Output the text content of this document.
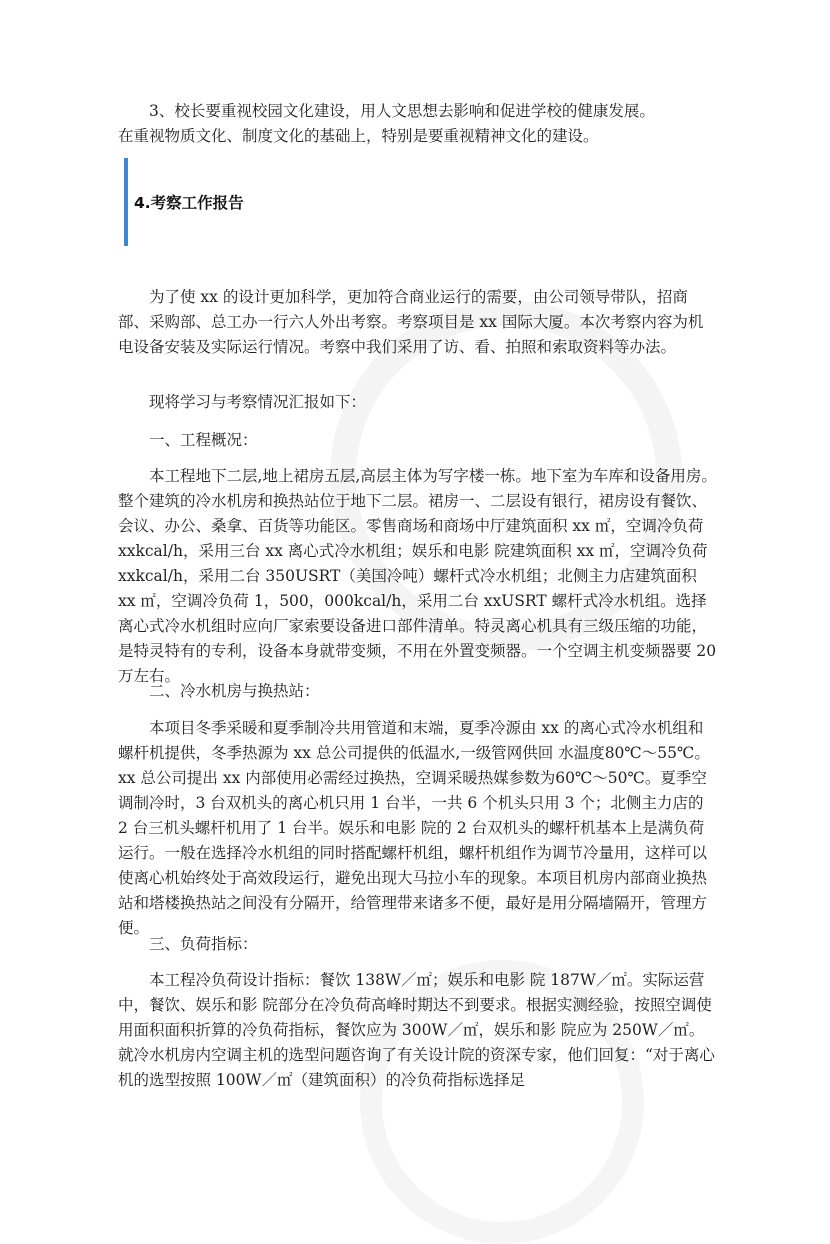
3、校长要重视校园文化建设，用人文思想去影响和促进学校的健康发展。

在重视物质文化、制度文化的基础上，特别是要重视精神文化的建设。

4.考察工作报告

为了使 xx 的设计更加科学，更加符合商业运行的需要，由公司领导带队，招商部、采购部、总工办一行六人外出考察。考察项目是 xx 国际大厦。本次考察内容为机电设备安装及实际运行情况。考察中我们采用了访、看、拍照和索取资料等办法。

现将学习与考察情况汇报如下：

一、工程概况：

本工程地下二层,地上裙房五层,高层主体为写字楼一栋。地下室为车库和设备用房。整个建筑的冷水机房和换热站位于地下二层。裙房一、二层设有银行，裙房设有餐饮、会议、办公、桑拿、百货等功能区。零售商场和商场中厅建筑面积 xx ㎡，空调冷负荷 xxkcal/h，采用三台 xx 离心式冷水机组；娱乐和电影 院建筑面积 xx ㎡，空调冷负荷 xxkcal/h，采用二台 350USRT（美国冷吨）螺杆式冷水机组；北侧主力店建筑面积 xx ㎡，空调冷负荷 1，500，000kcal/h，采用二台 xxUSRT 螺杆式冷水机组。选择离心式冷水机组时应向厂家索要设备进口部件清单。特灵离心机具有三级压缩的功能，是特灵特有的专利，设备本身就带变频，不用在外置变频器。一个空调主机变频器要 20 万左右。

二、冷水机房与换热站：

本项目冬季采暖和夏季制冷共用管道和末端，夏季冷源由 xx 的离心式冷水机组和螺杆机提供，冬季热源为 xx 总公司提供的低温水,一级管网供回 水温度80℃～55℃。xx 总公司提出 xx 内部使用必需经过换热，空调采暖热媒参数为60℃～50℃。夏季空调制冷时，3 台双机头的离心机只用 1 台半，一共 6 个机头只用 3 个；北侧主力店的 2 台三机头螺杆机用了 1 台半。娱乐和电影 院的 2 台双机头的螺杆机基本上是满负荷运行。一般在选择冷水机组的同时搭配螺杆机组，螺杆机组作为调节冷量用，这样可以使离心机始终处于高效段运行，避免出现大马拉小车的现象。本项目机房内部商业换热站和塔楼换热站之间没有分隔开，给管理带来诸多不便，最好是用分隔墙隔开，管理方便。

三、负荷指标：

本工程冷负荷设计指标：餐饮 138W／㎡；娱乐和电影 院 187W／㎡。实际运营中，餐饮、娱乐和影 院部分在冷负荷高峰时期达不到要求。根据实测经验，按照空调使用面积面积折算的冷负荷指标，餐饮应为 300W／㎡，娱乐和影 院应为 250W／㎡。就冷水机房内空调主机的选型问题咨询了有关设计院的资深专家，他们回复：“对于离心机的选型按照 100W／㎡（建筑面积）的冷负荷指标选择足
